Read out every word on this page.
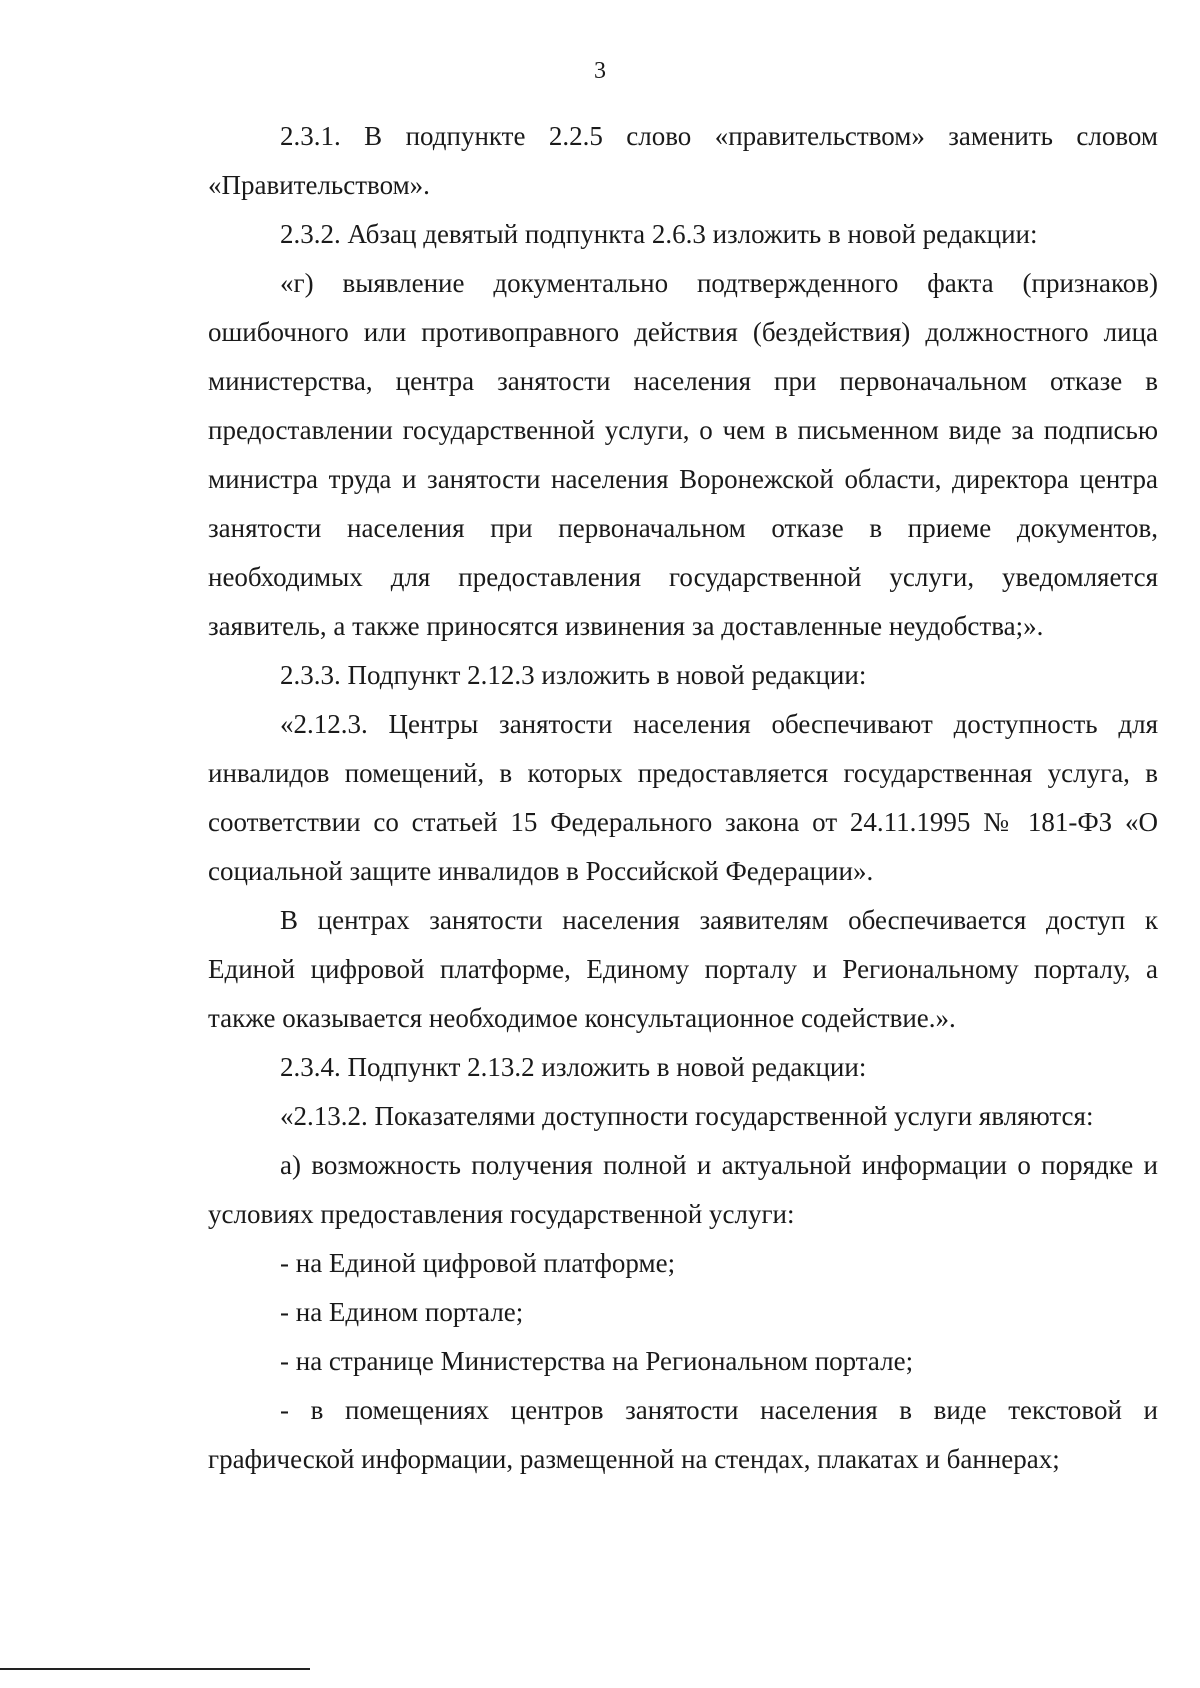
3

2.3.1. В подпункте 2.2.5 слово «правительством» заменить словом «Правительством».

2.3.2. Абзац девятый подпункта 2.6.3 изложить в новой редакции:

«г) выявление документально подтвержденного факта (признаков) ошибочного или противоправного действия (бездействия) должностного лица министерства, центра занятости населения при первоначальном отказе в предоставлении государственной услуги, о чем в письменном виде за подписью министра труда и занятости населения Воронежской области, директора центра занятости населения при первоначальном отказе в приеме документов, необходимых для предоставления государственной услуги, уведомляется заявитель, а также приносятся извинения за доставленные неудобства;».

2.3.3. Подпункт 2.12.3 изложить в новой редакции:

«2.12.3. Центры занятости населения обеспечивают доступность для инвалидов помещений, в которых предоставляется государственная услуга, в соответствии со статьей 15 Федерального закона от 24.11.1995 № 181-ФЗ «О социальной защите инвалидов в Российской Федерации».

В центрах занятости населения заявителям обеспечивается доступ к Единой цифровой платформе, Единому порталу и Региональному порталу, а также оказывается необходимое консультационное содействие.».

2.3.4. Подпункт 2.13.2 изложить в новой редакции:

«2.13.2. Показателями доступности государственной услуги являются:

а) возможность получения полной и актуальной информации о порядке и условиях предоставления государственной услуги:

- на Единой цифровой платформе;

- на Едином портале;

- на странице Министерства на Региональном портале;

- в помещениях центров занятости населения в виде текстовой и графической информации, размещенной на стендах, плакатах и баннерах;
